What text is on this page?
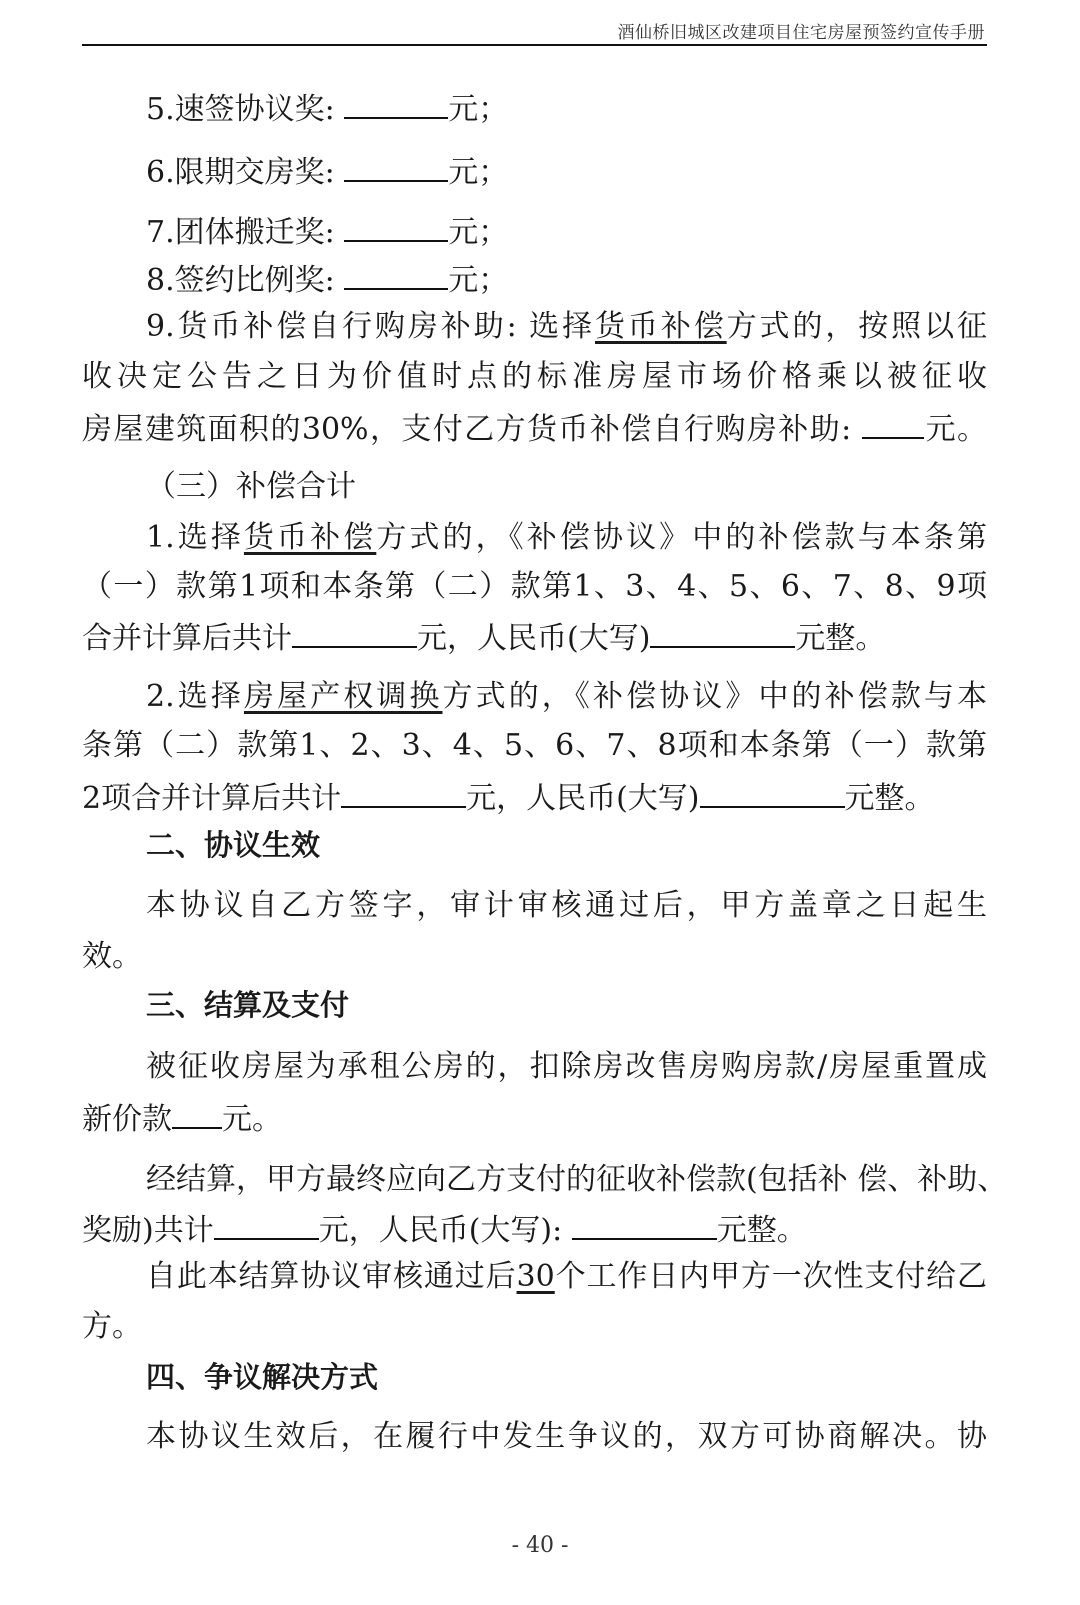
酒仙桥旧城区改建项目住宅房屋预签约宣传手册
5.速签协议奖:	元；
6.限期交房奖:	元；
7.团体搬迁奖:	元；
8.签约比例奖:	元；
9.货币补偿自行购房补助: 选择货币补偿方式的，按照以征
收决定公告之日为价值时点的标准房屋市场价格乘以被征收
房屋建筑面积的30%，支付乙方货币补偿自行购房补助: 元。
（三）补偿合计
1.选择货币补偿方式的，《补偿协议》中的补偿款与本条第
（一）款第1项和本条第（二）款第1、3、4、5、6、7、8、9项
合并计算后共计	元，人民币(大写)	元整。
2.选择房屋产权调换方式的，《补偿协议》中的补偿款与本
条第（二）款第1、2、3、4、5、6、7、8项和本条第（一）款第
2项合并计算后共计	元，人民币(大写)	元整。
二、协议生效
本协议自乙方签字，审计审核通过后，甲方盖章之日起生
效。
三、结算及支付
被征收房屋为承租公房的，扣除房改售房购房款/房屋重置成
新价款 元。
经结算，甲方最终应向乙方支付的征收补偿款(包括补 偿、补助、
奖励)共计	元，人民币(大写):	元整。
自此本结算协议审核通过后30个工作日内甲方一次性支付给乙
方。
四、争议解决方式
本协议生效后，在履行中发生争议的，双方可协商解决。协
- 40 -
